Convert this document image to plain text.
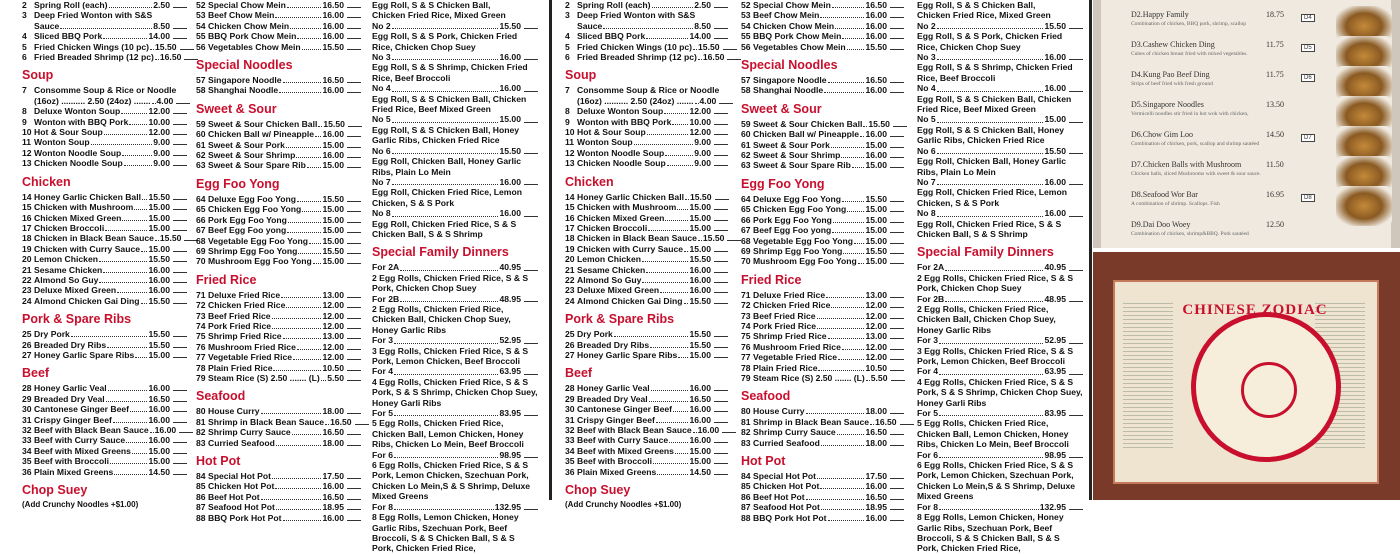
2 Spring Roll (each)	2.50
3 Deep Fried Wonton with S&S
Sauce	8.50
4 Sliced BBQ Pork	14.00
5 Fried Chicken Wings (10 pc) 15.50
6 Fried Breaded Shrimp (12 pc) 16.50
Soup
7 Consomme Soup & Rice or Noodle
(16oz) .......... 2.50 (24oz) ....... 4.00
8 Deluxe Wonton Soup	12.00
9 Wonton with BBQ Pork 10.00
10 Hot & Sour Soup	12.00
11 Wonton Soup	9.00
12 Wonton Noodle Soup	9.00
13 Chicken Noodle Soup	9.00
Chicken
14 Honey Garlic Chicken Ball 15.50
15 Chicken with Mushroom 15.00
16 Chicken Mixed Green	15.00
17 Chicken Broccoli	15.00
18 Chicken in Black Bean Sauce 15.50
19 Chicken with Curry Sauce 15.00
20 Lemon Chicken	15.50
21 Sesame Chicken	16.00
22 Almond So Guy	16.00
23 Deluxe Mixed Green	16.00
24 Almond Chicken Gai Ding 15.50
Pork & Spare Ribs
25 Dry Pork	15.50
26 Breaded Dry Ribs	15.50
27 Honey Garlic Spare Ribs 15.00
Beef
28 Honey Garlic Veal	16.00
29 Breaded Dry Veal	16.50
30 Cantonese Ginger Beef 16.00
31 Crispy Ginger Beef	16.00
32 Beef with Black Bean Sauce 16.00
33 Beef with Curry Sauce	16.00
34 Beef with Mixed Greens 15.00
35 Beef with Broccoli	15.00
36 Plain Mixed Greens	14.50
Chop Suey
(Add Crunchy Noodles +$1.00)
52 Special Chow Mein	16.50
53 Beef Chow Mein	16.00
54 Chicken Chow Mein	16.00
55 BBQ Pork Chow Mein	16.00
56 Vegetables Chow Mein	15.50
Special Noodles
57 Singapore Noodle	16.50
58 Shanghai Noodle	16.00
Sweet & Sour
59 Sweet & Sour Chicken Ball 15.50
60 Chicken Ball w/ Pineapple 16.00
61 Sweet & Sour Pork	15.00
62 Sweet & Sour Shrimp	16.00
63 Sweet & Sour Spare Rib 15.00
Egg Foo Yong
64 Deluxe Egg Foo Yong	15.50
65 Chicken Egg Foo Yong 15.00
66 Pork Egg Foo Yong	15.00
67 Beef Egg Foo yong	15.00
68 Vegetable Egg Foo Yong 15.00
69 Shrimp Egg Foo Yong	15.50
70 Mushroom Egg Foo Yong 15.00
Fried Rice
71 Deluxe Fried Rice	13.00
72 Chicken Fried Rice	12.00
73 Beef Fried Rice	12.00
74 Pork Fried Rice	12.00
75 Shrimp Fried Rice	13.00
76 Mushroom Fried Rice	12.00
77 Vegetable Fried Rice	12.00
78 Plain Fried Rice	10.50
79 Steam Rice (S) 2.50 ....... (L) 5.50
Seafood
80 House Curry	18.00
81 Shrimp in Black Bean Sauce 16.50
82 Shrimp Curry Sauce	16.50
83 Curried Seafood	18.00
Hot Pot
84 Special Hot Pot	17.50
85 Chicken Hot Pot	16.00
86 Beef Hot Pot	16.50
87 Seafood Hot Pot	18.95
88 BBQ Pork Hot Pot	16.00
Egg Roll, S & S Chicken Ball,
Chicken Fried Rice, Mixed Green
No 2	15.50
Egg Roll, S & S Pork, Chicken Fried Rice, Chicken Chop Suey
No 3	16.00
Egg Roll, S & S Shrimp, Chicken Fried Rice, Beef Broccoli
No 4	16.00
Egg Roll, S & S Chicken Ball, Chicken Fried Rice, Beef Mixed Green
No 5	15.00
Egg Roll, S & S Chicken Ball, Honey Garlic Ribs, Chicken Fried Rice
No 6	15.50
Egg Roll, Chicken Ball, Honey Garlic Ribs, Plain Lo Mein
No 7	16.00
Egg Roll, Chicken Fried Rice, Lemon Chicken, S & S Pork
No 8	16.00
Egg Roll, Chicken Fried Rice, S & S Chicken Ball, S & S Shrimp
Special Family Dinners
For 2A	40.95
2 Egg Rolls, Chicken Fried Rice, S & S Pork, Chicken Chop Suey
For 2B	48.95
2 Egg Rolls, Chicken Fried Rice, Chicken Ball, Chicken Chop Suey, Honey Garlic Ribs
For 3	52.95
3 Egg Rolls, Chicken Fried Rice, S & S Pork, Lemon Chicken, Beef Broccoli
For 4	63.95
4 Egg Rolls, Chicken Fried Rice, S & S Pork, S & S Shrimp, Chicken Chop Suey, Honey Garli Ribs
For 5	83.95
5 Egg Rolls, Chicken Fried Rice, Chicken Ball, Lemon Chicken, Honey Ribs, Chicken Lo Mein, Beef Broccoli
For 6	98.95
6 Egg Rolls, Chicken Fried Rice, S & S Pork, Lemon Chicken, Szechuan Pork, Chicken Lo Mein,S & S Shrimp, Deluxe Mixed Greens
For 8	132.95
8 Egg Rolls, Lemon Chicken, Honey Garlic Ribs, Szechuan Pork, Beef Broccoli, S & S Chicken Ball, S & S Pork, Chicken Fried Rice,
2 Spring Roll (each)	2.50
3 Deep Fried Wonton with S&S
Sauce	8.50
4 Sliced BBQ Pork	14.00
5 Fried Chicken Wings (10 pc) 15.50
6 Fried Breaded Shrimp (12 pc) 16.50
Soup
7 Consomme Soup & Rice or Noodle
(16oz) .......... 2.50 (24oz) ....... 4.00
8 Deluxe Wonton Soup	12.00
9 Wonton with BBQ Pork 10.00
10 Hot & Sour Soup	12.00
11 Wonton Soup	9.00
12 Wonton Noodle Soup	9.00
13 Chicken Noodle Soup	9.00
Chicken
14 Honey Garlic Chicken Ball 15.50
15 Chicken with Mushroom 15.00
16 Chicken Mixed Green	15.00
17 Chicken Broccoli	15.00
18 Chicken in Black Bean Sauce 15.50
19 Chicken with Curry Sauce 15.00
20 Lemon Chicken	15.50
21 Sesame Chicken	16.00
22 Almond So Guy	16.00
23 Deluxe Mixed Green	16.00
24 Almond Chicken Gai Ding 15.50
Pork & Spare Ribs
25 Dry Pork	15.50
26 Breaded Dry Ribs	15.50
27 Honey Garlic Spare Ribs 15.00
Beef
28 Honey Garlic Veal	16.00
29 Breaded Dry Veal	16.50
30 Cantonese Ginger Beef 16.00
31 Crispy Ginger Beef	16.00
32 Beef with Black Bean Sauce 16.00
33 Beef with Curry Sauce 16.00
34 Beef with Mixed Greens 15.00
35 Beef with Broccoli	15.00
36 Plain Mixed Greens	14.50
Chop Suey
(Add Crunchy Noodles +$1.00)
52 Special Chow Mein	16.50
53 Beef Chow Mein	16.00
54 Chicken Chow Mein	16.00
55 BBQ Pork Chow Mein	16.00
56 Vegetables Chow Mein 15.50
Special Noodles
57 Singapore Noodle	16.50
58 Shanghai Noodle	16.00
Sweet & Sour
59 Sweet & Sour Chicken Ball 15.50
60 Chicken Ball w/ Pineapple 16.00
61 Sweet & Sour Pork	15.00
62 Sweet & Sour Shrimp	16.00
63 Sweet & Sour Spare Rib 15.00
Egg Foo Yong
64 Deluxe Egg Foo Yong	15.50
65 Chicken Egg Foo Yong 15.00
66 Pork Egg Foo Yong	15.00
67 Beef Egg Foo yong	15.00
68 Vegetable Egg Foo Yong 15.00
69 Shrimp Egg Foo Yong	15.50
70 Mushroom Egg Foo Yong 15.00
Fried Rice
71 Deluxe Fried Rice	13.00
72 Chicken Fried Rice	12.00
73 Beef Fried Rice	12.00
74 Pork Fried Rice	12.00
75 Shrimp Fried Rice	13.00
76 Mushroom Fried Rice	12.00
77 Vegetable Fried Rice	12.00
78 Plain Fried Rice	10.50
79 Steam Rice (S) 2.50 ....... (L) 5.50
Seafood
80 House Curry	18.00
81 Shrimp in Black Bean Sauce 16.50
82 Shrimp Curry Sauce	16.50
83 Curried Seafood	18.00
Hot Pot
84 Special Hot Pot	17.50
85 Chicken Hot Pot	16.00
86 Beef Hot Pot	16.50
87 Seafood Hot Pot	18.95
88 BBQ Pork Hot Pot	16.00
Egg Roll, S & S Chicken Ball,
Chicken Fried Rice, Mixed Green
No 2	15.50
Egg Roll, S & S Pork, Chicken Fried Rice, Chicken Chop Suey
No 3	16.00
Egg Roll, S & S Shrimp, Chicken Fried Rice, Beef Broccoli
No 4	16.00
Egg Roll, S & S Chicken Ball, Chicken Fried Rice, Beef Mixed Green
No 5	15.00
Egg Roll, S & S Chicken Ball, Honey Garlic Ribs, Chicken Fried Rice
No 6	15.50
Egg Roll, Chicken Ball, Honey Garlic Ribs, Plain Lo Mein
No 7	16.00
Egg Roll, Chicken Fried Rice, Lemon Chicken, S & S Pork
No 8	16.00
Egg Roll, Chicken Fried Rice, S & S Chicken Ball, S & S Shrimp
Special Family Dinners
For 2A	40.95
2 Egg Rolls, Chicken Fried Rice, S & S Pork, Chicken Chop Suey
For 2B	48.95
2 Egg Rolls, Chicken Fried Rice, Chicken Ball, Chicken Chop Suey, Honey Garlic Ribs
For 3	52.95
3 Egg Rolls, Chicken Fried Rice, S & S Pork, Lemon Chicken, Beef Broccoli
For 4	63.95
4 Egg Rolls, Chicken Fried Rice, S & S Pork, S & S Shrimp, Chicken Chop Suey, Honey Garli Ribs
For 5	83.95
5 Egg Rolls, Chicken Fried Rice, Chicken Ball, Lemon Chicken, Honey Ribs, Chicken Lo Mein, Beef Broccoli
For 6	98.95
6 Egg Rolls, Chicken Fried Rice, S & S Pork, Lemon Chicken, Szechuan Pork, Chicken Lo Mein,S & S Shrimp, Deluxe Mixed Greens
For 8	132.95
8 Egg Rolls, Lemon Chicken, Honey Garlic Ribs, Szechuan Pork, Beef Broccoli, S & S Chicken Ball, S & S Pork, Chicken Fried Rice,
D2.Happy Family	18.75
Combination of chicken, BBQ pork, shrimp, scallop
D4
D3.Cashew Chicken Ding	11.75
Cubes of chicken breast fried with mixed vegetables.
D5
D4.Kung Pao Beef Ding	11.75
Strips of beef fried with fresh ground
D6
D5.Singapore Noodles	13.50
Vermicelli noodles stir fried in hot wok with chicken,
D6.Chow Gim Loo	14.50
Combination of chicken, pork, scallop and shrimp sautéed
D7
D7.Chicken Balls with Mushroom	11.50
Chicken balls, sliced Mushrooms with sweet & sour sauce.
D8.Seafood Wor Bar	16.95
A combination of shrimp. Scallops. Fish
D8
D9.Dai Doo Woey	12.50
Combination of chicken, shrimp&BBQ. Pork sautéed
CHINESE ZODIAC
